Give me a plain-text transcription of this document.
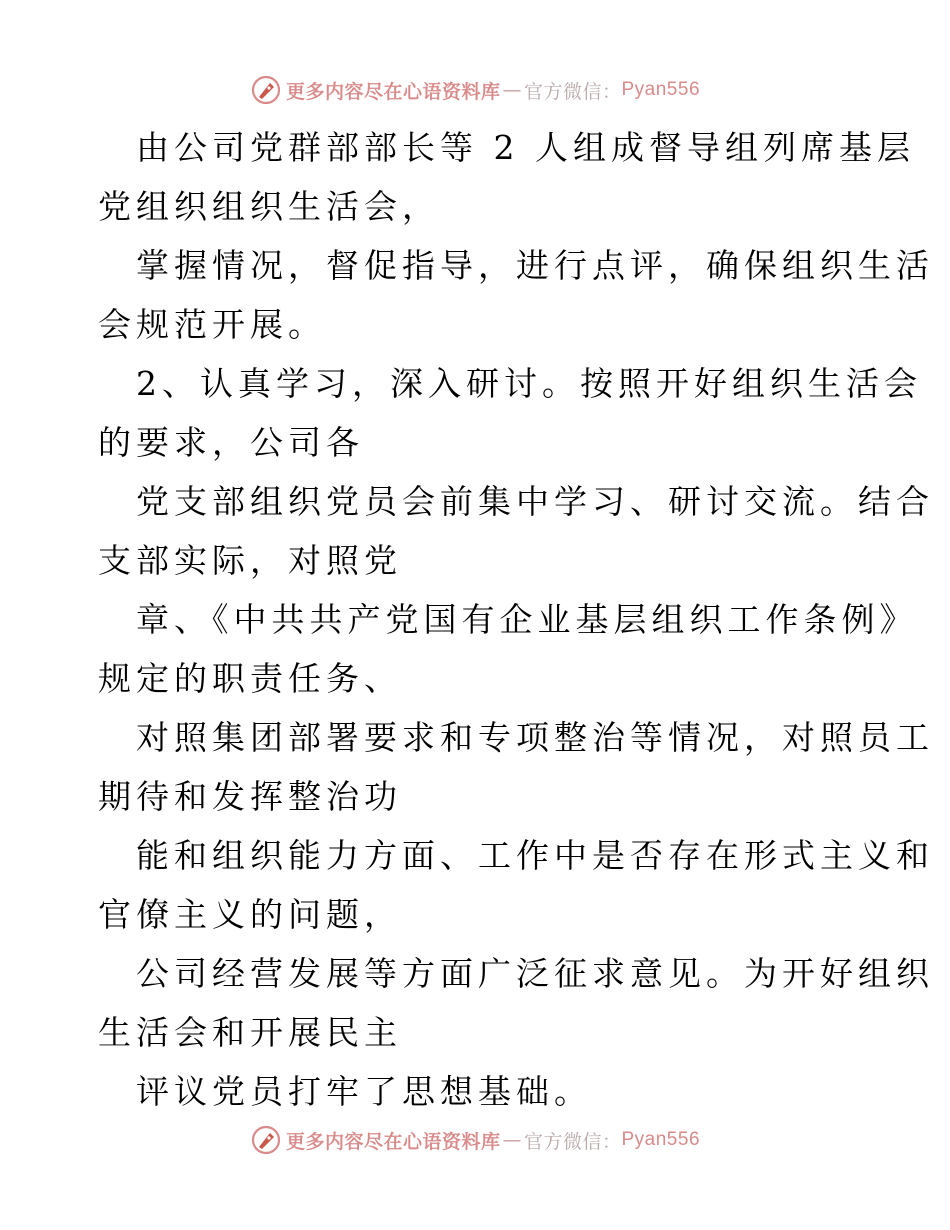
更多内容尽在心语资料库 — 官方微信： Pyan556
由公司党群部部长等 2 人组成督导组列席基层
党组织组织生活会，
掌握情况，督促指导，进行点评，确保组织生活
会规范开展。
2、认真学习，深入研讨。按照开好组织生活会
的要求，公司各
党支部组织党员会前集中学习、研讨交流。结合
支部实际，对照党
章、《中共共产党国有企业基层组织工作条例》
规定的职责任务、
对照集团部署要求和专项整治等情况，对照员工
期待和发挥整治功
能和组织能力方面、工作中是否存在形式主义和
官僚主义的问题，
公司经营发展等方面广泛征求意见。为开好组织
生活会和开展民主
评议党员打牢了思想基础。
更多内容尽在心语资料库 — 官方微信： Pyan556
